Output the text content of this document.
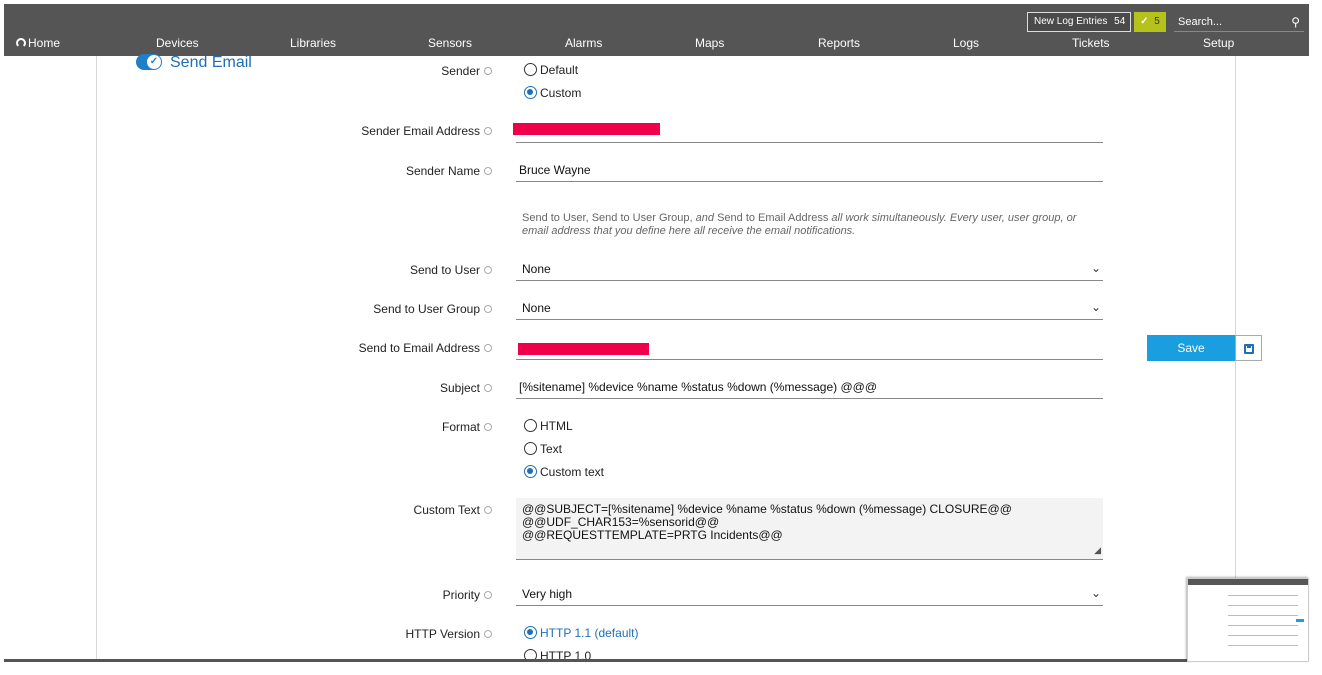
New Log Entries 54	✓ 5	Search...	⚲
Home	Devices	Libraries	Sensors	Alarms	Maps	Reports	Logs	Tickets	Setup
✓ Send Email	Sender	Default
Custom
Sender Email Address
Sender Name	Bruce Wayne
Send to User, Send to User Group, and Send to Email Address all work simultaneously. Every user, user group, or email address that you define here all receive the email notifications.
Send to User	None	⌄
Send to User Group	None	⌄
Send to Email Address
Subject	[%sitename] %device %name %status %down (%message) @@@
Format	HTML
Text
Custom text
Custom Text	@@SUBJECT=[%sitename] %device %name %status %down (%message) CLOSURE@@
@@UDF_CHAR153=%sensorid@@
@@REQUESTTEMPLATE=PRTG Incidents@@
◢
Priority	Very high	⌄
HTTP Version	HTTP 1.1 (default)
HTTP 1.0
Save
